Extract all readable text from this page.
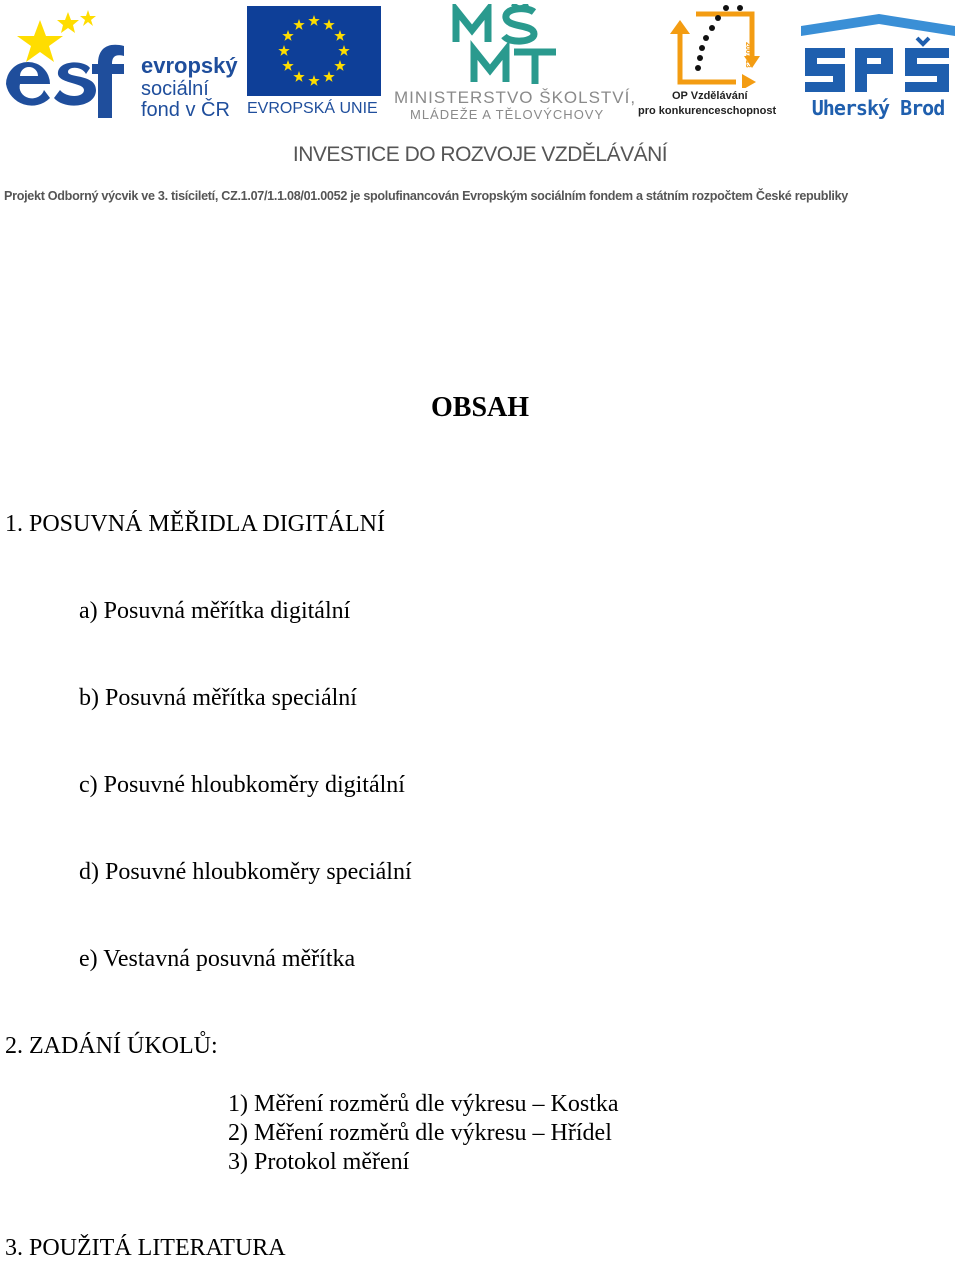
evropský
sociální
fond v ČR EVROPSKÁ UNIE
MINISTERSTVO ŠKOLSTVÍ,
MLÁDEŽE A TĚLOVÝCHOVY
2007-13
OP Vzdělávání
pro konkurenceschopnost	Uherský Brod
INVESTICE DO ROZVOJE VZDĚLÁVÁNÍ
Projekt Odborný výcvik ve 3. tisíciletí, CZ.1.07/1.1.08/01.0052 je spolufinancován Evropským sociálním fondem a státním rozpočtem České republiky
OBSAH
1. POSUVNÁ MĚŘIDLA DIGITÁLNÍ
a) Posuvná měřítka digitální
b) Posuvná měřítka speciální
c) Posuvné hloubkoměry digitální
d) Posuvné hloubkoměry speciální
e) Vestavná posuvná měřítka
2. ZADÁNÍ ÚKOLŮ:
1) Měření rozměrů dle výkresu – Kostka
2) Měření rozměrů dle výkresu – Hřídel
3) Protokol měření
3. POUŽITÁ LITERATURA
